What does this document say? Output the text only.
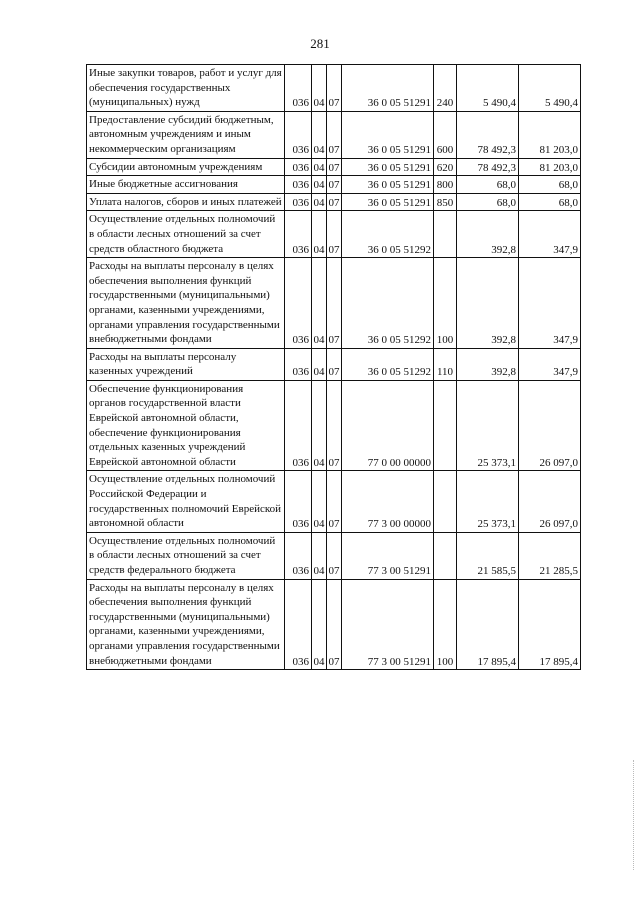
281
Иные закупки товаров, работ и услуг для обеспечения государственных (муниципальных) нужд	036	04	07	36 0 05 51291	240	5 490,4	5 490,4
Предоставление субсидий бюджетным, автономным учреждениям и иным некоммерческим организациям	036	04	07	36 0 05 51291	600	78 492,3	81 203,0
Субсидии автономным учреждениям	036	04	07	36 0 05 51291	620	78 492,3	81 203,0
Иные бюджетные ассигнования	036	04	07	36 0 05 51291	800	68,0	68,0
Уплата налогов, сборов и иных платежей	036	04	07	36 0 05 51291	850	68,0	68,0
Осуществление отдельных полномочий в области лесных отношений за счет средств областного бюджета	036	04	07	36 0 05 51292		392,8	347,9
Расходы на выплаты персоналу в целях обеспечения выполнения функций государственными (муниципальными) органами, казенными учреждениями, органами управления государственными внебюджетными фондами	036	04	07	36 0 05 51292	100	392,8	347,9
Расходы на выплаты персоналу казенных учреждений	036	04	07	36 0 05 51292	110	392,8	347,9
Обеспечение функционирования органов государственной власти Еврейской автономной области, обеспечение функционирования отдельных казенных учреждений Еврейской автономной области	036	04	07	77 0 00 00000		25 373,1	26 097,0
Осуществление отдельных полномочий Российской Федерации и государственных полномочий Еврейской автономной области	036	04	07	77 3 00 00000		25 373,1	26 097,0
Осуществление отдельных полномочий в области лесных отношений за счет средств федерального бюджета	036	04	07	77 3 00 51291		21 585,5	21 285,5
Расходы на выплаты персоналу в целях обеспечения выполнения функций государственными (муниципальными) органами, казенными учреждениями, органами управления государственными внебюджетными фондами	036	04	07	77 3 00 51291	100	17 895,4	17 895,4
